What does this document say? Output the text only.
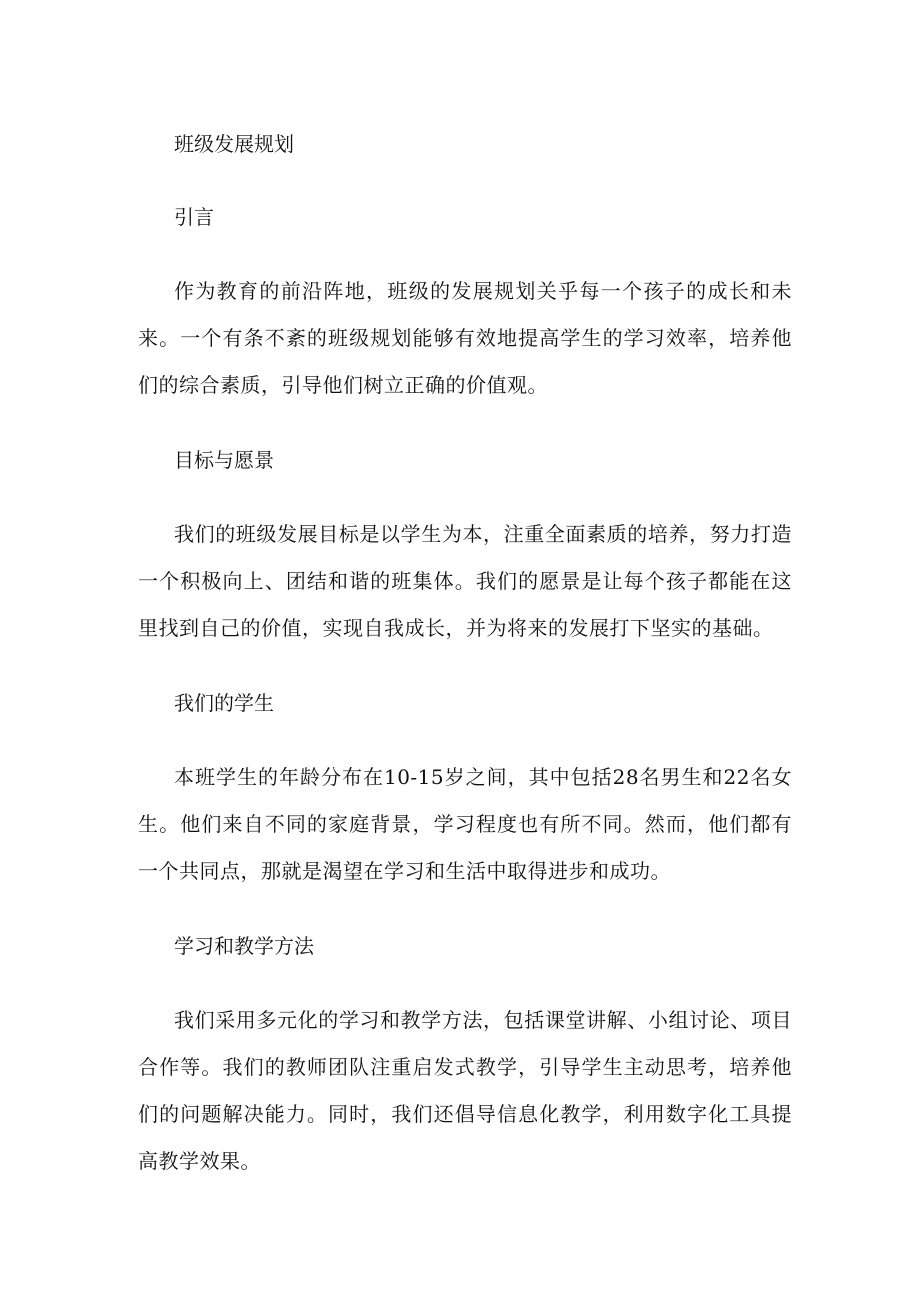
班级发展规划
引言

作为教育的前沿阵地，班级的发展规划关乎每一个孩子的成长和未来。一个有条不紊的班级规划能够有效地提高学生的学习效率，培养他们的综合素质，引导他们树立正确的价值观。

目标与愿景

我们的班级发展目标是以学生为本，注重全面素质的培养，努力打造一个积极向上、团结和谐的班集体。我们的愿景是让每个孩子都能在这里找到自己的价值，实现自我成长，并为将来的发展打下坚实的基础。

我们的学生

本班学生的年龄分布在10-15岁之间，其中包括28名男生和22名女生。他们来自不同的家庭背景，学习程度也有所不同。然而，他们都有一个共同点，那就是渴望在学习和生活中取得进步和成功。

学习和教学方法

我们采用多元化的学习和教学方法，包括课堂讲解、小组讨论、项目合作等。我们的教师团队注重启发式教学，引导学生主动思考，培养他们的问题解决能力。同时，我们还倡导信息化教学，利用数字化工具提高教学效果。
